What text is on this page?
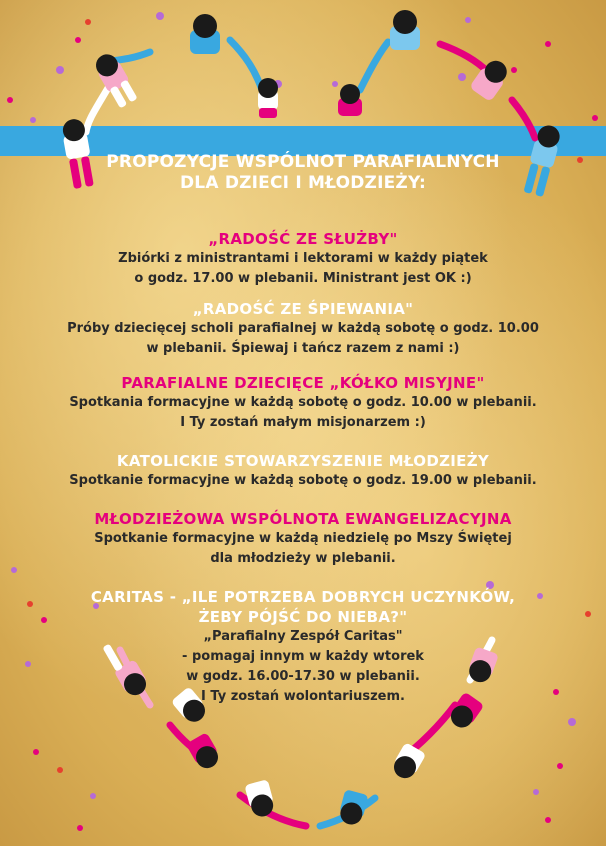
PROPOZYCJE WSPÓLNOT PARAFIALNYCH
DLA DZIECI I MŁODZIEŻY:
„RADOŚĆ ZE SŁUŻBY"
Zbiórki z ministrantami i lektorami w każdy piątek
o godz. 17.00 w plebanii. Ministrant jest OK :)
„RADOŚĆ ZE ŚPIEWANIA"
Próby dziecięcej scholi parafialnej w każdą sobotę o godz. 10.00
w plebanii. Śpiewaj i tańcz razem z nami :)
PARAFIALNE DZIECIĘCE „KÓŁKO MISYJNE"
Spotkania formacyjne w każdą sobotę o godz. 10.00 w plebanii.
I Ty zostań małym misjonarzem :)
KATOLICKIE STOWARZYSZENIE MŁODZIEŻY
Spotkanie formacyjne w każdą sobotę o godz. 19.00 w plebanii.
MŁODZIEŻOWA WSPÓLNOTA EWANGELIZACYJNA
Spotkanie formacyjne w każdą niedzielę po Mszy Świętej
dla młodzieży w plebanii.
CARITAS - „ILE POTRZEBA DOBRYCH UCZYNKÓW,
ŻEBY PÓJŚĆ DO NIEBA?"
„Parafialny Zespół Caritas"
- pomagaj innym w każdy wtorek
w godz. 16.00-17.30 w plebanii.
I Ty zostań wolontariuszem.
